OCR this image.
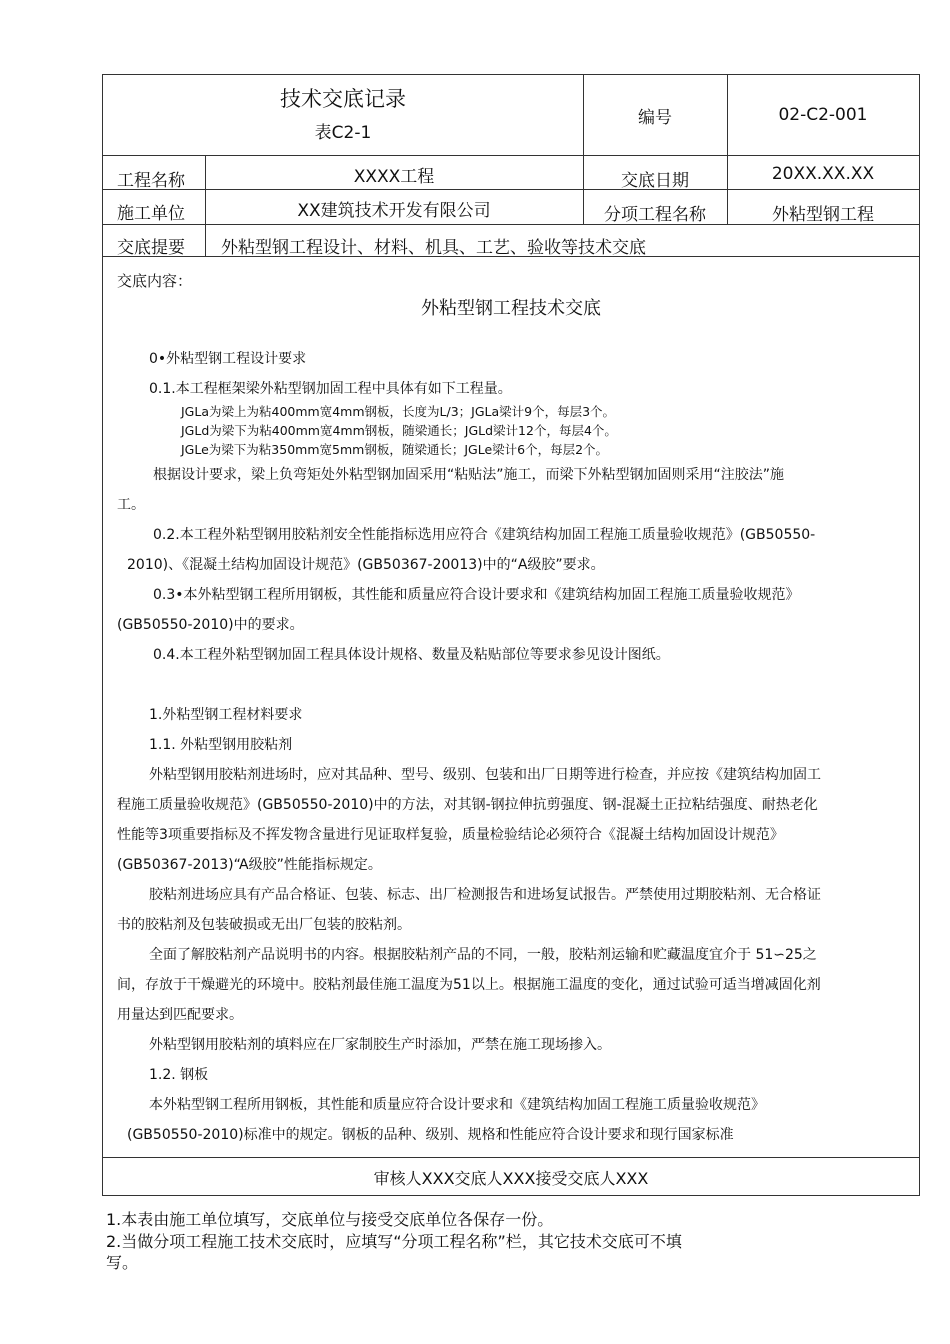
技术交底记录
表C2-1
编号	02-C2-001
工程名称	XXXX工程	交底日期	20XX.XX.XX
施工单位	XX建筑技术开发有限公司	分项工程名称	外粘型钢工程
交底提要	外粘型钢工程设计、材料、机具、工艺、验收等技术交底
交底内容：
外粘型钢工程技术交底
0•外粘型钢工程设计要求
0.1.本工程框架梁外粘型钢加固工程中具体有如下工程量。
JGLa为梁上为粘400mm宽4mm钢板，长度为L/3；JGLa梁计9个，每层3个。
JGLd为梁下为粘400mm宽4mm钢板，随梁通长；JGLd梁计12个，每层4个。
JGLe为梁下为粘350mm宽5mm钢板，随梁通长；JGLe梁计6个，每层2个。
根据设计要求，梁上负弯矩处外粘型钢加固采用“粘贴法”施工，而梁下外粘型钢加固则采用“注胶法”施
工。
0.2.本工程外粘型钢用胶粘剂安全性能指标选用应符合《建筑结构加固工程施工质量验收规范》(GB50550-
2010)、《混凝土结构加固设计规范》(GB50367-20013)中的“A级胶”要求。
0.3•本外粘型钢工程所用钢板，其性能和质量应符合设计要求和《建筑结构加固工程施工质量验收规范》
(GB50550-2010)中的要求。
0.4.本工程外粘型钢加固工程具体设计规格、数量及粘贴部位等要求参见设计图纸。
1.外粘型钢工程材料要求
1.1. 外粘型钢用胶粘剂
外粘型钢用胶粘剂进场时，应对其品种、型号、级别、包装和出厂日期等进行检查，并应按《建筑结构加固工
程施工质量验收规范》(GB50550-2010)中的方法，对其钢-钢拉伸抗剪强度、钢-混凝土正拉粘结强度、耐热老化
性能等3项重要指标及不挥发物含量进行见证取样复验，质量检验结论必须符合《混凝土结构加固设计规范》
(GB50367-2013)“A级胶”性能指标规定。
胶粘剂进场应具有产品合格证、包装、标志、出厂检测报告和进场复试报告。严禁使用过期胶粘剂、无合格证
书的胶粘剂及包装破损或无出厂包装的胶粘剂。
全面了解胶粘剂产品说明书的内容。根据胶粘剂产品的不同，一般，胶粘剂运输和贮藏温度宜介于 51∽25之
间，存放于干燥避光的环境中。胶粘剂最佳施工温度为51以上。根据施工温度的变化，通过试验可适当增减固化剂
用量达到匹配要求。
外粘型钢用胶粘剂的填料应在厂家制胶生产时添加，严禁在施工现场掺入。
1.2. 钢板
本外粘型钢工程所用钢板，其性能和质量应符合设计要求和《建筑结构加固工程施工质量验收规范》
(GB50550-2010)标准中的规定。钢板的品种、级别、规格和性能应符合设计要求和现行国家标准
审核人XXX交底人XXX接受交底人XXX
1.本表由施工单位填写，交底单位与接受交底单位各保存一份。
2.当做分项工程施工技术交底时，应填写“分项工程名称”栏，其它技术交底可不填
写。
